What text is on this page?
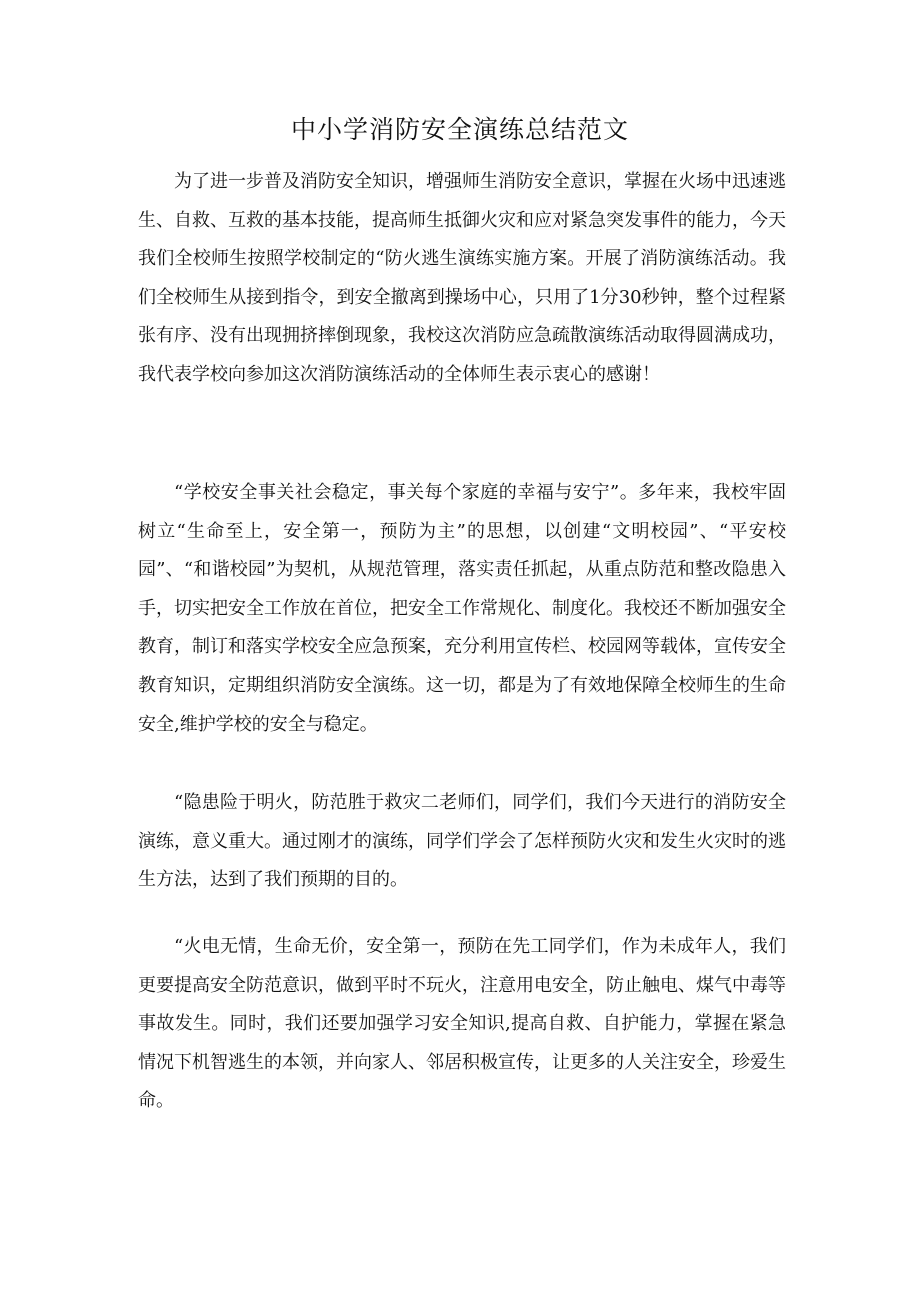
中小学消防安全演练总结范文

为了进一步普及消防安全知识，增强师生消防安全意识，掌握在火场中迅速逃生、自救、互救的基本技能，提高师生抵御火灾和应对紧急突发事件的能力，今天我们全校师生按照学校制定的“防火逃生演练实施方案。开展了消防演练活动。我们全校师生从接到指令，到安全撤离到操场中心，只用了1分30秒钟，整个过程紧张有序、没有出现拥挤摔倒现象，我校这次消防应急疏散演练活动取得圆满成功，我代表学校向参加这次消防演练活动的全体师生表示衷心的感谢！

“学校安全事关社会稳定，事关每个家庭的幸福与安宁”。多年来，我校牢固树立“生命至上，安全第一，预防为主”的思想，以创建“文明校园”、“平安校园”、“和谐校园”为契机，从规范管理，落实责任抓起，从重点防范和整改隐患入手，切实把安全工作放在首位，把安全工作常规化、制度化。我校还不断加强安全教育，制订和落实学校安全应急预案，充分利用宣传栏、校园网等载体，宣传安全教育知识，定期组织消防安全演练。这一切，都是为了有效地保障全校师生的生命安全,维护学校的安全与稳定。

“隐患险于明火，防范胜于救灾二老师们，同学们，我们今天进行的消防安全演练，意义重大。通过刚才的演练，同学们学会了怎样预防火灾和发生火灾时的逃生方法，达到了我们预期的目的。

“火电无情，生命无价，安全第一，预防在先工同学们，作为未成年人，我们更要提高安全防范意识，做到平时不玩火，注意用电安全，防止触电、煤气中毒等事故发生。同时，我们还要加强学习安全知识,提高自救、自护能力，掌握在紧急情况下机智逃生的本领，并向家人、邻居积极宣传，让更多的人关注安全，珍爱生命。
